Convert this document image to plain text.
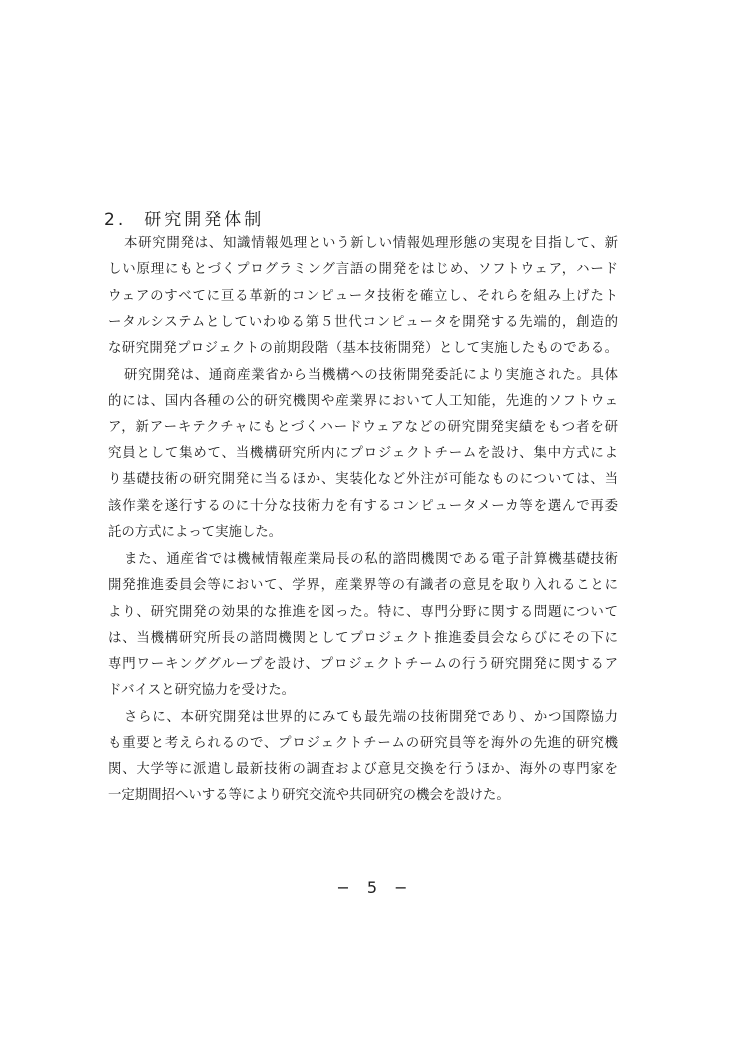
2. 研究開発体制
本研究開発は、知識情報処理という新しい情報処理形態の実現を目指して、新
しい原理にもとづくプログラミング言語の開発をはじめ、ソフトウェア，ハード
ウェアのすべてに亘る革新的コンピュータ技術を確立し、それらを組み上げたト
ータルシステムとしていわゆる第５世代コンピュータを開発する先端的，創造的
な研究開発プロジェクトの前期段階（基本技術開発）として実施したものである。
研究開発は、通商産業省から当機構への技術開発委託により実施された。具体
的には、国内各種の公的研究機関や産業界において人工知能，先進的ソフトウェ
ア，新アーキテクチャにもとづくハードウェアなどの研究開発実績をもつ者を研
究員として集めて、当機構研究所内にプロジェクトチームを設け、集中方式によ
り基礎技術の研究開発に当るほか、実装化など外注が可能なものについては、当
該作業を遂行するのに十分な技術力を有するコンピュータメーカ等を選んで再委
託の方式によって実施した。
また、通産省では機械情報産業局長の私的諮問機関である電子計算機基礎技術
開発推進委員会等において、学界，産業界等の有識者の意見を取り入れることに
より、研究開発の効果的な推進を図った。特に、専門分野に関する問題について
は、当機構研究所長の諮問機関としてプロジェクト推進委員会ならびにその下に
専門ワーキンググループを設け、プロジェクトチームの行う研究開発に関するア
ドバイスと研究協力を受けた。
さらに、本研究開発は世界的にみても最先端の技術開発であり、かつ国際協力
も重要と考えられるので、プロジェクトチームの研究員等を海外の先進的研究機
関、大学等に派遣し最新技術の調査および意見交換を行うほか、海外の専門家を
一定期間招へいする等により研究交流や共同研究の機会を設けた。
− 5 −
